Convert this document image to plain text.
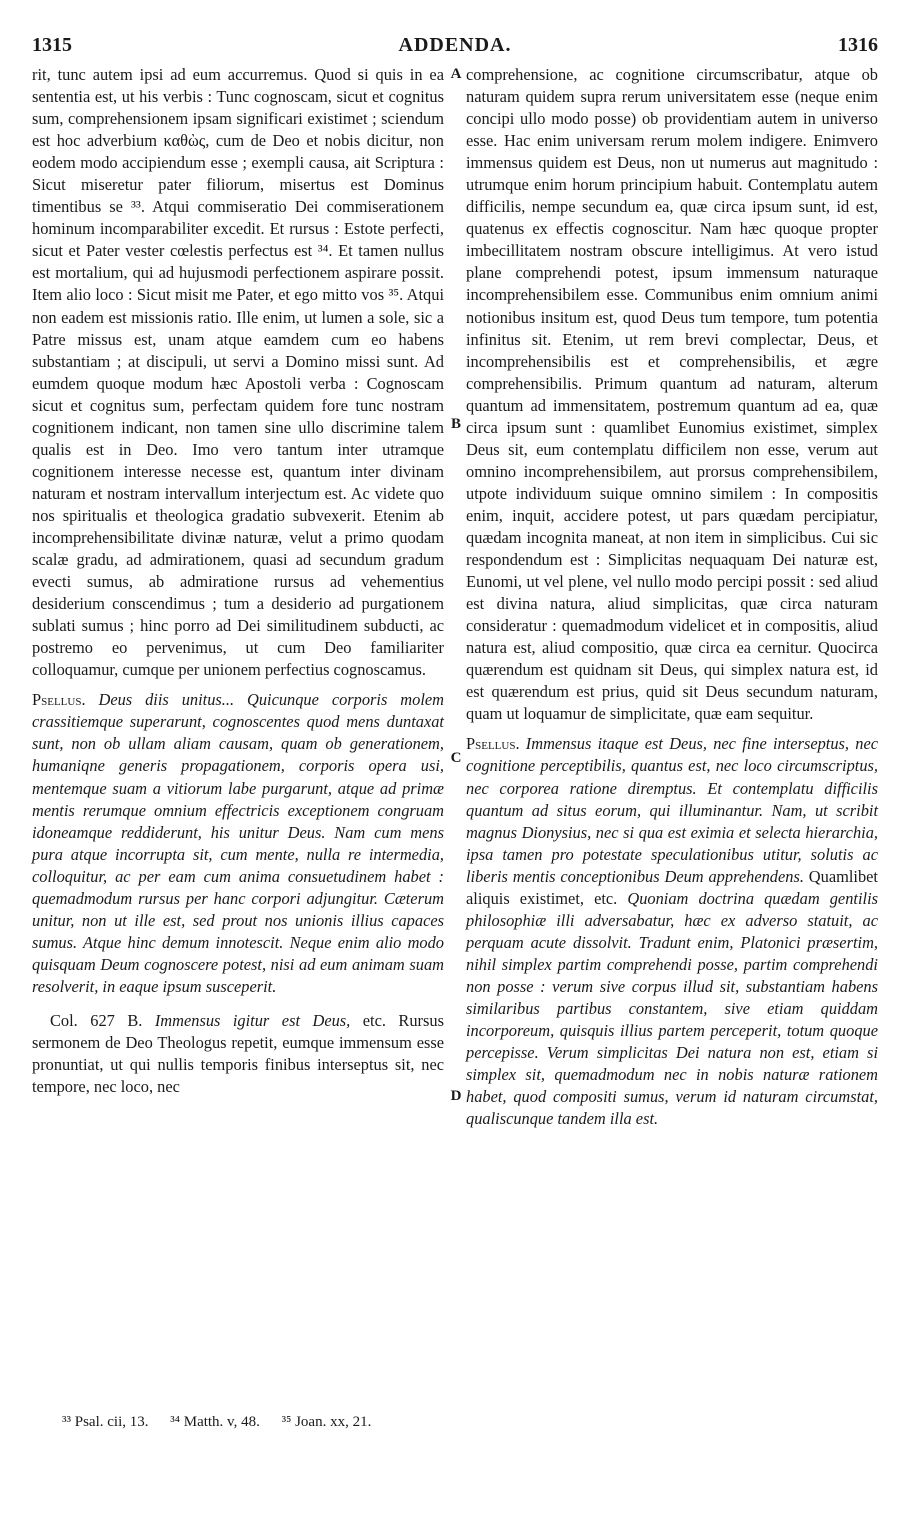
1315	ADDENDA.	1316

rit, tunc autem ipsi ad eum accurremus. Quod si quis in ea sententia est, ut his verbis : Tunc cognoscam, sicut et cognitus sum, comprehensionem ipsam significari existimet ; sciendum est hoc adverbium καθὼς, cum de Deo et nobis dicitur, non eodem modo accipiendum esse ; exempli causa, ait Scriptura : Sicut miseretur pater filiorum, misertus est Dominus timentibus se ³³. Atqui commiseratio Dei commiserationem hominum incomparabiliter excedit. Et rursus : Estote perfecti, sicut et Pater vester cœlestis perfectus est ³⁴. Et tamen nullus est mortalium, qui ad hujusmodi perfectionem aspirare possit. Item alio loco : Sicut misit me Pater, et ego mitto vos ³⁵. Atqui non eadem est missionis ratio. Ille enim, ut lumen a sole, sic a Patre missus est, unam atque eamdem cum eo habens substantiam ; at discipuli, ut servi a Domino missi sunt. Ad eumdem quoque modum hæc Apostoli verba : Cognoscam sicut et cognitus sum, perfectam quidem fore tunc nostram cognitionem indicant, non tamen sine ullo discrimine talem qualis est in Deo. Imo vero tantum inter utramque cognitionem interesse necesse est, quantum inter divinam naturam et nostram intervallum interjectum est. Ac videte quo nos spiritualis et theologica gradatio subvexerit. Etenim ab incomprehensibilitate divinæ naturæ, velut a primo quodam scalæ gradu, ad admirationem, quasi ad secundum gradum evecti sumus, ab admiratione rursus ad vehementius desiderium conscendimus ; tum a desiderio ad purgationem sublati sumus ; hinc porro ad Dei similitudinem subducti, ac postremo eo pervenimus, ut cum Deo familiariter colloquamur, cumque per unionem perfectius cognoscamus.

Psellus. Deus diis unitus... Quicunque corporis molem crassitiemque superarunt, cognoscentes quod mens duntaxat sunt, non ob ullam aliam causam, quam ob generationem, humaniqne generis propagationem, corporis opera usi, mentemque suam a vitiorum labe purgarunt, atque ad primæ mentis rerumque omnium effectricis exceptionem congruam idoneamque reddiderunt, his unitur Deus. Nam cum mens pura atque incorrupta sit, cum mente, nulla re intermedia, colloquitur, ac per eam cum anima consuetudinem habet : quemadmodum rursus per hanc corpori adjungitur. Cæterum unitur, non ut ille est, sed prout nos unionis illius capaces sumus. Atque hinc demum innotescit. Neque enim alio modo quisquam Deum cognoscere potest, nisi ad eum animam suam resolverit, in eaque ipsum susceperit.

Col. 627 B. Immensus igitur est Deus, etc. Rursus sermonem de Deo Theologus repetit, eumque immensum esse pronuntiat, ut qui nullis temporis finibus interseptus sit, nec tempore, nec loco, nec

A
B
C
D

comprehensione, ac cognitione circumscribatur, atque ob naturam quidem supra rerum universitatem esse (neque enim concipi ullo modo posse) ob providentiam autem in universo esse. Hac enim universam rerum molem indigere. Enimvero immensus quidem est Deus, non ut numerus aut magnitudo : utrumque enim horum principium habuit. Contemplatu autem difficilis, nempe secundum ea, quæ circa ipsum sunt, id est, quatenus ex effectis cognoscitur. Nam hæc quoque propter imbecillitatem nostram obscure intelligimus. At vero istud plane comprehendi potest, ipsum immensum naturaque incomprehensibilem esse. Communibus enim omnium animi notionibus insitum est, quod Deus tum tempore, tum potentia infinitus sit. Etenim, ut rem brevi complectar, Deus, et incomprehensibilis est et comprehensibilis, et ægre comprehensibilis. Primum quantum ad naturam, alterum quantum ad immensitatem, postremum quantum ad ea, quæ circa ipsum sunt : quamlibet Eunomius existimet, simplex Deus sit, eum contemplatu difficilem non esse, verum aut omnino incomprehensibilem, aut prorsus comprehensibilem, utpote individuum suique omnino similem : In compositis enim, inquit, accidere potest, ut pars quædam percipiatur, quædam incognita maneat, at non item in simplicibus. Cui sic respondendum est : Simplicitas nequaquam Dei naturæ est, Eunomi, ut vel plene, vel nullo modo percipi possit : sed aliud est divina natura, aliud simplicitas, quæ circa naturam consideratur : quemadmodum videlicet et in compositis, aliud natura est, aliud compositio, quæ circa ea cernitur. Quocirca quærendum est quidnam sit Deus, qui simplex natura est, id est quærendum est prius, quid sit Deus secundum naturam, quam ut loquamur de simplicitate, quæ eam sequitur.

Psellus. Immensus itaque est Deus, nec fine interseptus, nec cognitione perceptibilis, quantus est, nec loco circumscriptus, nec corporea ratione diremptus. Et contemplatu difficilis quantum ad situs eorum, qui illuminantur. Nam, ut scribit magnus Dionysius, nec si qua est eximia et selecta hierarchia, ipsa tamen pro potestate speculationibus utitur, solutis ac liberis mentis conceptionibus Deum apprehendens. Quamlibet aliquis existimet, etc. Quoniam doctrina quædam gentilis philosophiæ illi adversabatur, hæc ex adverso statuit, ac perquam acute dissolvit. Tradunt enim, Platonici præsertim, nihil simplex partim comprehendi posse, partim comprehendi non posse : verum sive corpus illud sit, substantiam habens similaribus partibus constantem, sive etiam quiddam incorporeum, quisquis illius partem perceperit, totum quoque percepisse. Verum simplicitas Dei natura non est, etiam si simplex sit, quemadmodum nec in nobis naturæ rationem habet, quod compositi sumus, verum id naturam circumstat, qualiscunque tandem illa est.

³³ Psal. cii, 13. ³⁴ Matth. v, 48. ³⁵ Joan. xx, 21.
